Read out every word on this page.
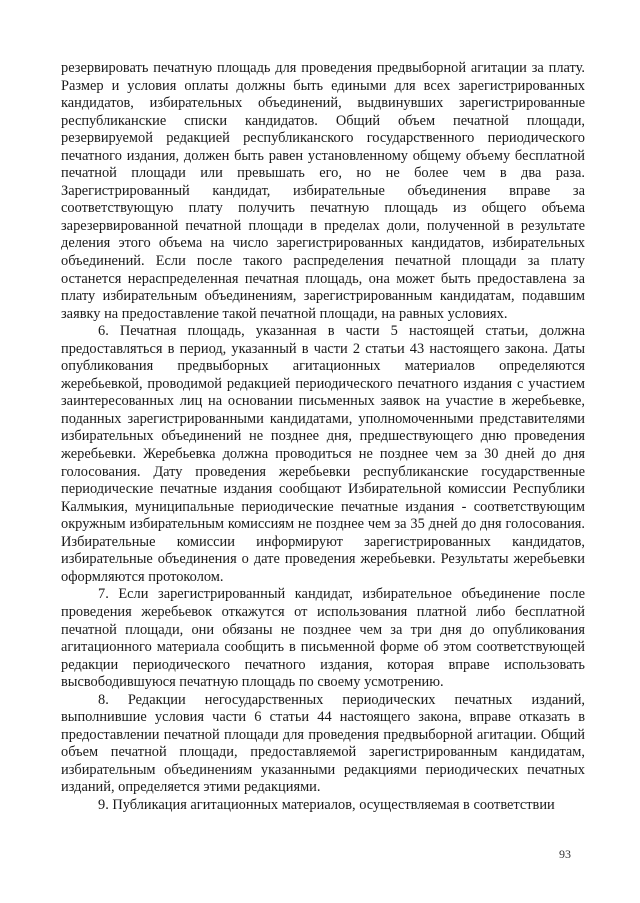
резервировать печатную площадь для проведения предвыборной агитации за плату. Размер и условия оплаты должны быть едиными для всех зарегистрированных кандидатов, избирательных объединений, выдвинувших зарегистрированные республиканские списки кандидатов. Общий объем печатной площади, резервируемой редакцией республиканского государственного периодического печатного издания, должен быть равен установленному общему объему бесплатной печатной площади или превышать его, но не более чем в два раза. Зарегистрированный кандидат, избирательные объединения вправе за соответствующую плату получить печатную площадь из общего объема зарезервированной печатной площади в пределах доли, полученной в результате деления этого объема на число зарегистрированных кандидатов, избирательных объединений. Если после такого распределения печатной площади за плату останется нераспределенная печатная площадь, она может быть предоставлена за плату избирательным объединениям, зарегистрированным кандидатам, подавшим заявку на предоставление такой печатной площади, на равных условиях.

6. Печатная площадь, указанная в части 5 настоящей статьи, должна предоставляться в период, указанный в части 2 статьи 43 настоящего закона. Даты опубликования предвыборных агитационных материалов определяются жеребьевкой, проводимой редакцией периодического печатного издания с участием заинтересованных лиц на основании письменных заявок на участие в жеребьевке, поданных зарегистрированными кандидатами, уполномоченными представителями избирательных объединений не позднее дня, предшествующего дню проведения жеребьевки. Жеребьевка должна проводиться не позднее чем за 30 дней до дня голосования. Дату проведения жеребьевки республиканские государственные периодические печатные издания сообщают Избирательной комиссии Республики Калмыкия, муниципальные периодические печатные издания - соответствующим окружным избирательным комиссиям не позднее чем за 35 дней до дня голосования. Избирательные комиссии информируют зарегистрированных кандидатов, избирательные объединения о дате проведения жеребьевки. Результаты жеребьевки оформляются протоколом.

7. Если зарегистрированный кандидат, избирательное объединение после проведения жеребьевок откажутся от использования платной либо бесплатной печатной площади, они обязаны не позднее чем за три дня до опубликования агитационного материала сообщить в письменной форме об этом соответствующей редакции периодического печатного издания, которая вправе использовать высвободившуюся печатную площадь по своему усмотрению.

8. Редакции негосударственных периодических печатных изданий, выполнившие условия части 6 статьи 44 настоящего закона, вправе отказать в предоставлении печатной площади для проведения предвыборной агитации. Общий объем печатной площади, предоставляемой зарегистрированным кандидатам, избирательным объединениям указанными редакциями периодических печатных изданий, определяется этими редакциями.

9. Публикация агитационных материалов, осуществляемая в соответствии

93
